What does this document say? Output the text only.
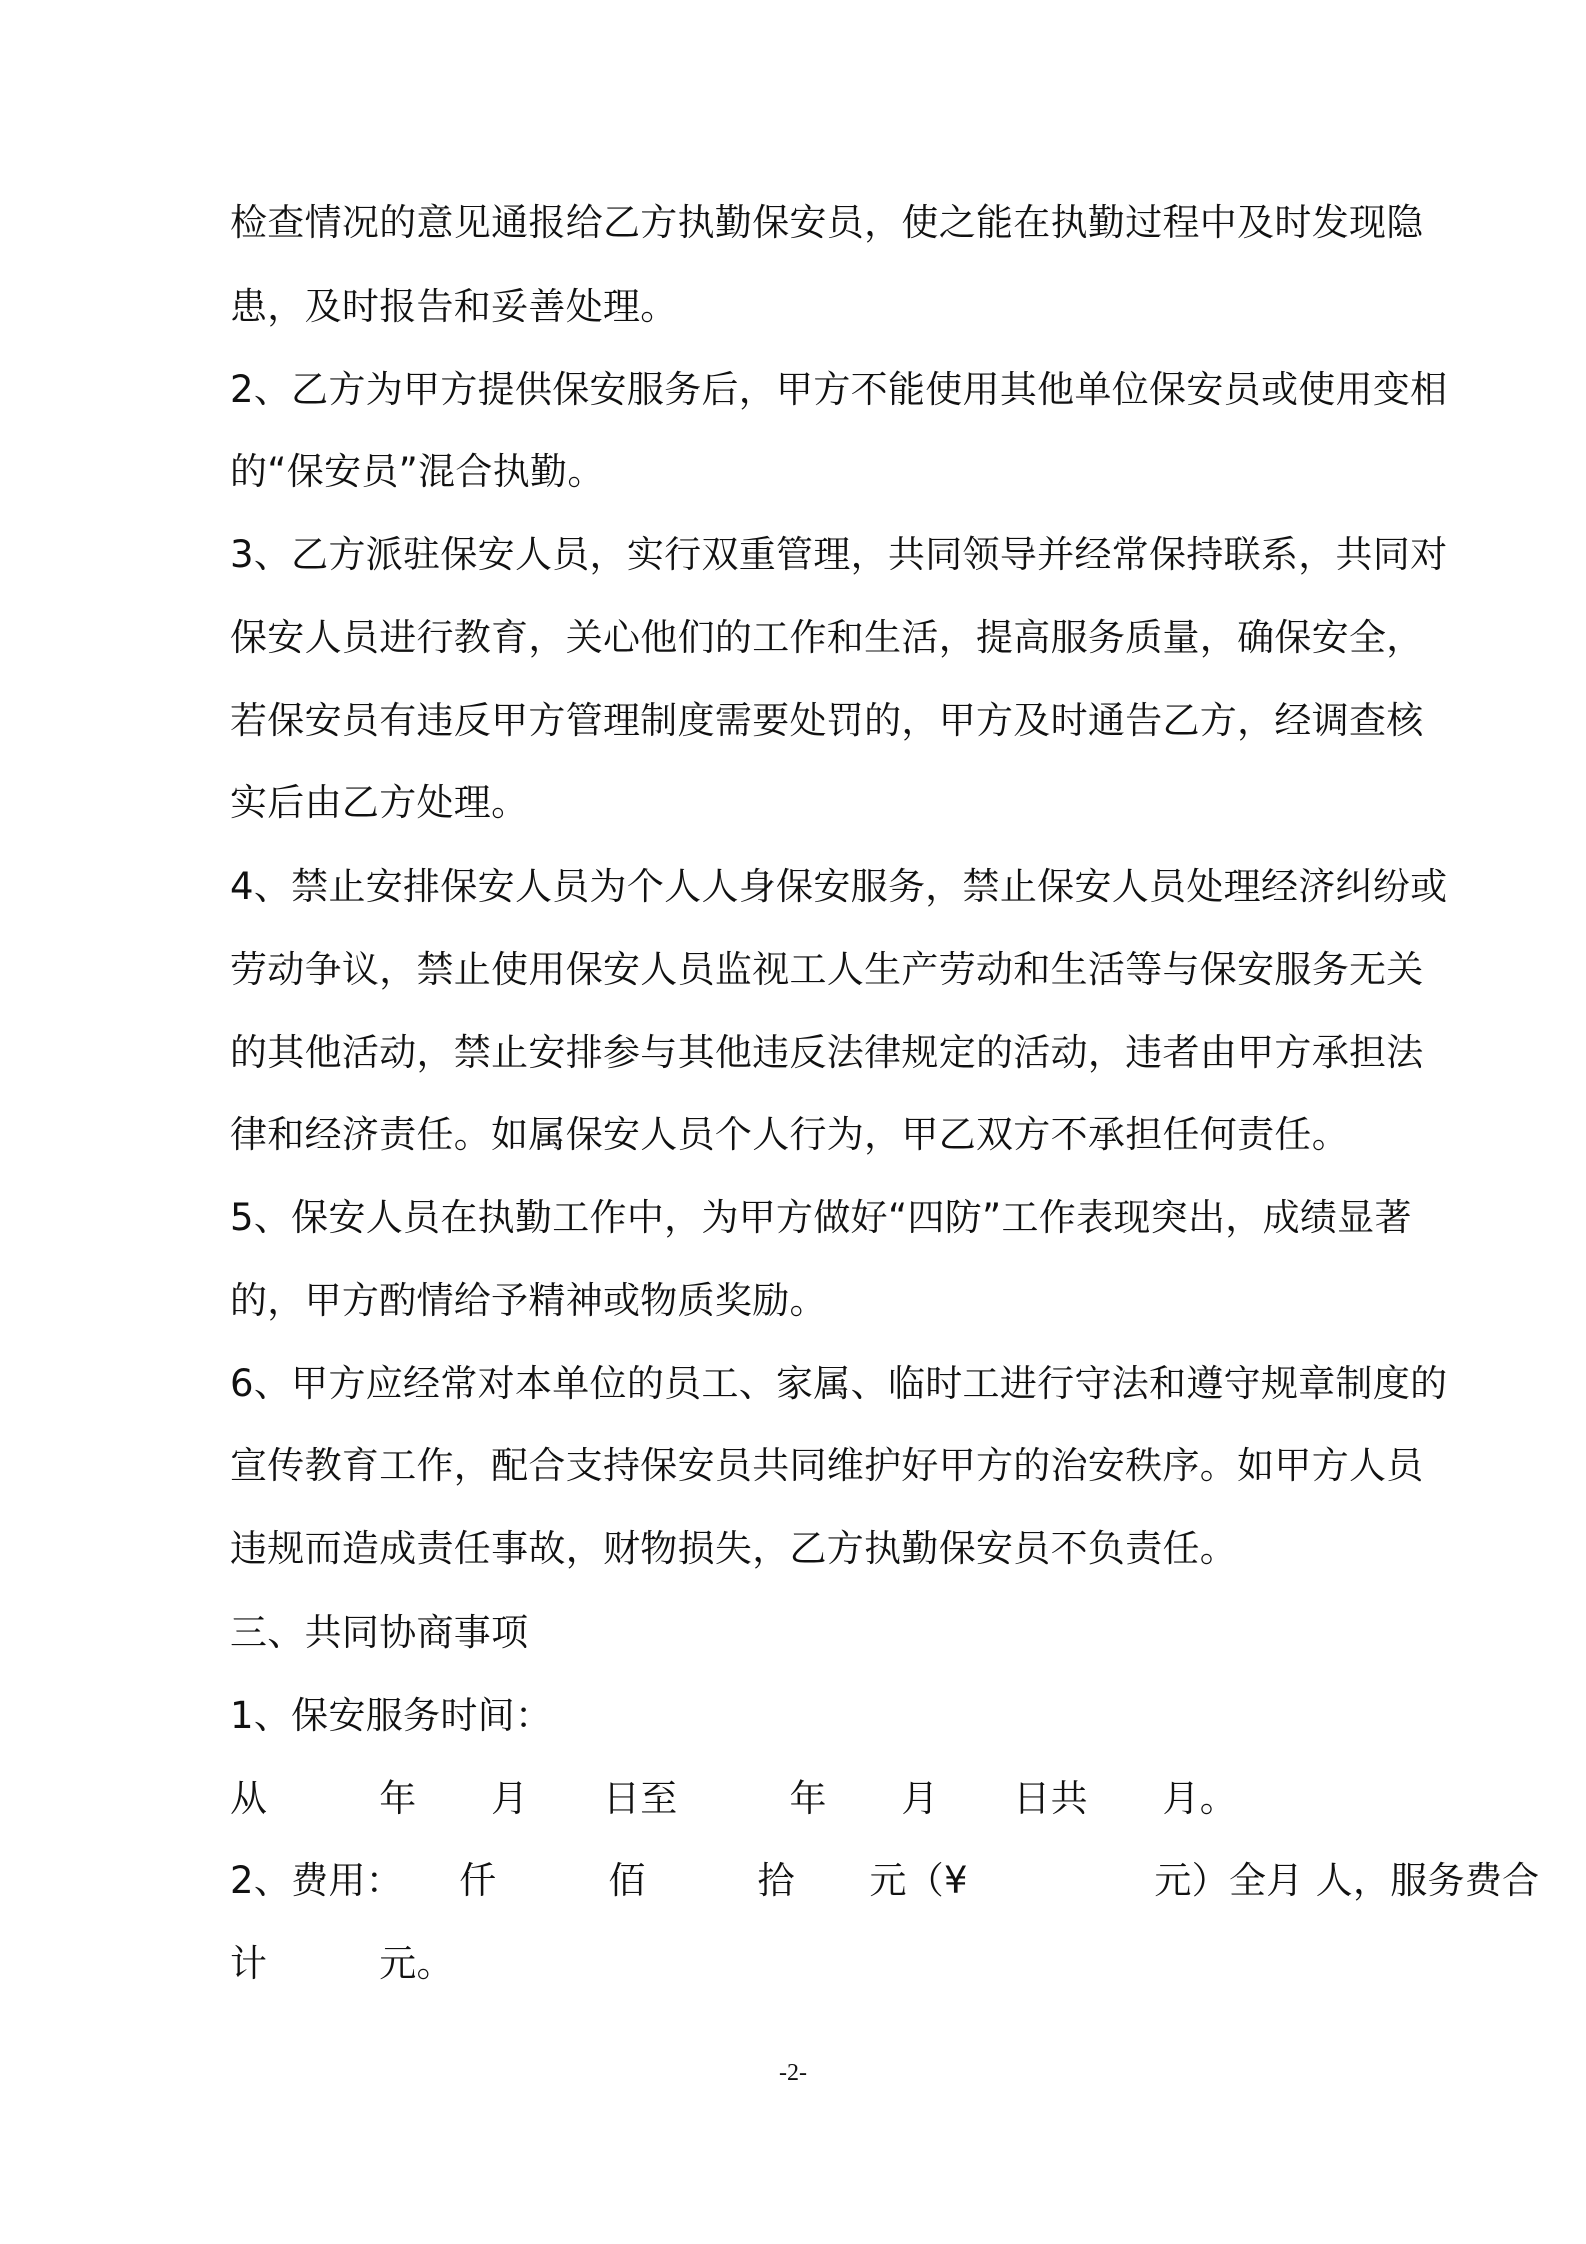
检查情况的意见通报给乙方执勤保安员，使之能在执勤过程中及时发现隐
患，及时报告和妥善处理。
2、乙方为甲方提供保安服务后，甲方不能使用其他单位保安员或使用变相
的“保安员”混合执勤。
3、乙方派驻保安人员，实行双重管理，共同领导并经常保持联系，共同对
保安人员进行教育，关心他们的工作和生活，提高服务质量，确保安全，
若保安员有违反甲方管理制度需要处罚的，甲方及时通告乙方，经调查核
实后由乙方处理。
4、禁止安排保安人员为个人人身保安服务，禁止保安人员处理经济纠纷或
劳动争议，禁止使用保安人员监视工人生产劳动和生活等与保安服务无关
的其他活动，禁止安排参与其他违反法律规定的活动，违者由甲方承担法
律和经济责任。如属保安人员个人行为，甲乙双方不承担任何责任。
5、保安人员在执勤工作中，为甲方做好“四防”工作表现突出，成绩显著
的，甲方酌情给予精神或物质奖励。
6、甲方应经常对本单位的员工、家属、临时工进行守法和遵守规章制度的
宣传教育工作，配合支持保安员共同维护好甲方的治安秩序。如甲方人员
违规而造成责任事故，财物损失，乙方执勤保安员不负责任。
三、共同协商事项
1、保安服务时间：
从　　　年　　月　　日至　　　年　　月　　日共　　月。
2、费用：　　仟　　　佰　　　拾　　元（¥　　　　　元）全月 人，服务费合
计　　　元。
-2-
